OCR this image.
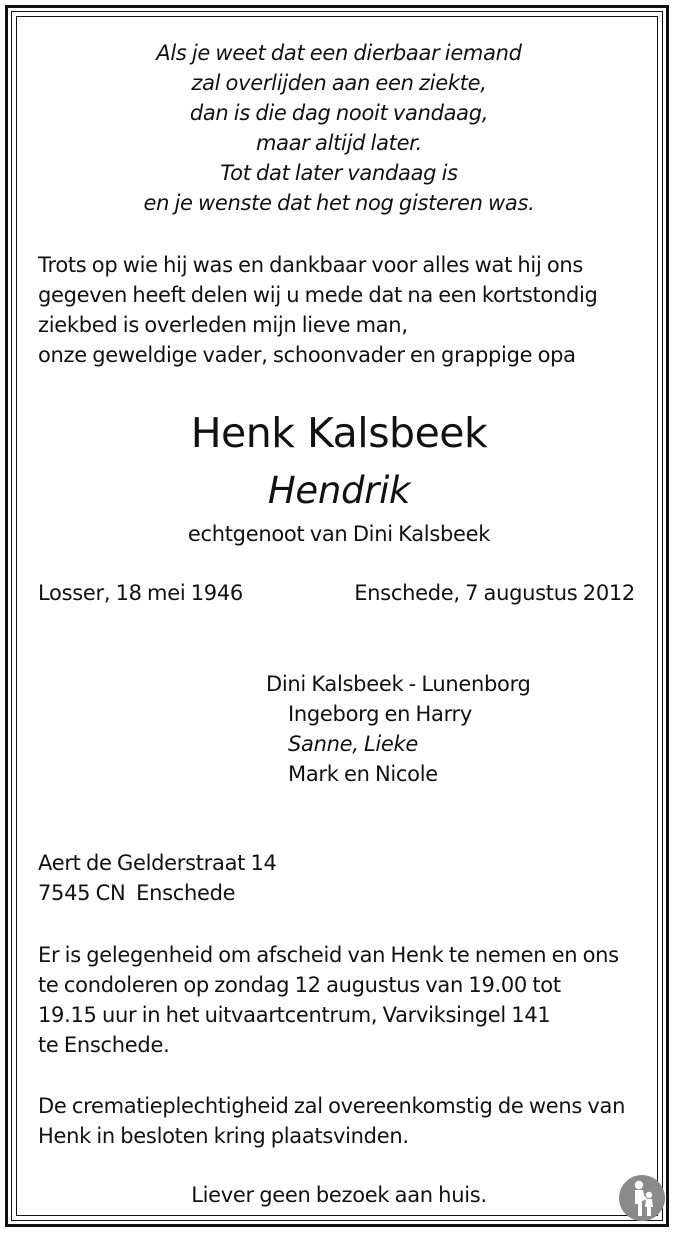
Als je weet dat een dierbaar iemand
zal overlijden aan een ziekte,
dan is die dag nooit vandaag,
maar altijd later.
Tot dat later vandaag is
en je wenste dat het nog gisteren was.
Trots op wie hij was en dankbaar voor alles wat hij ons
gegeven heeft delen wij u mede dat na een kortstondig
ziekbed is overleden mijn lieve man,
onze geweldige vader, schoonvader en grappige opa
Henk Kalsbeek
Hendrik
echtgenoot van Dini Kalsbeek
Losser, 18 mei 1946	Enschede, 7 augustus 2012
Dini Kalsbeek - Lunenborg
Ingeborg en Harry
Sanne, Lieke
Mark en Nicole
Aert de Gelderstraat 14
7545 CN  Enschede
Er is gelegenheid om afscheid van Henk te nemen en ons
te condoleren op zondag 12 augustus van 19.00 tot
19.15 uur in het uitvaartcentrum, Varviksingel 141
te Enschede.
De crematieplechtigheid zal overeenkomstig de wens van
Henk in besloten kring plaatsvinden.
Liever geen bezoek aan huis.
